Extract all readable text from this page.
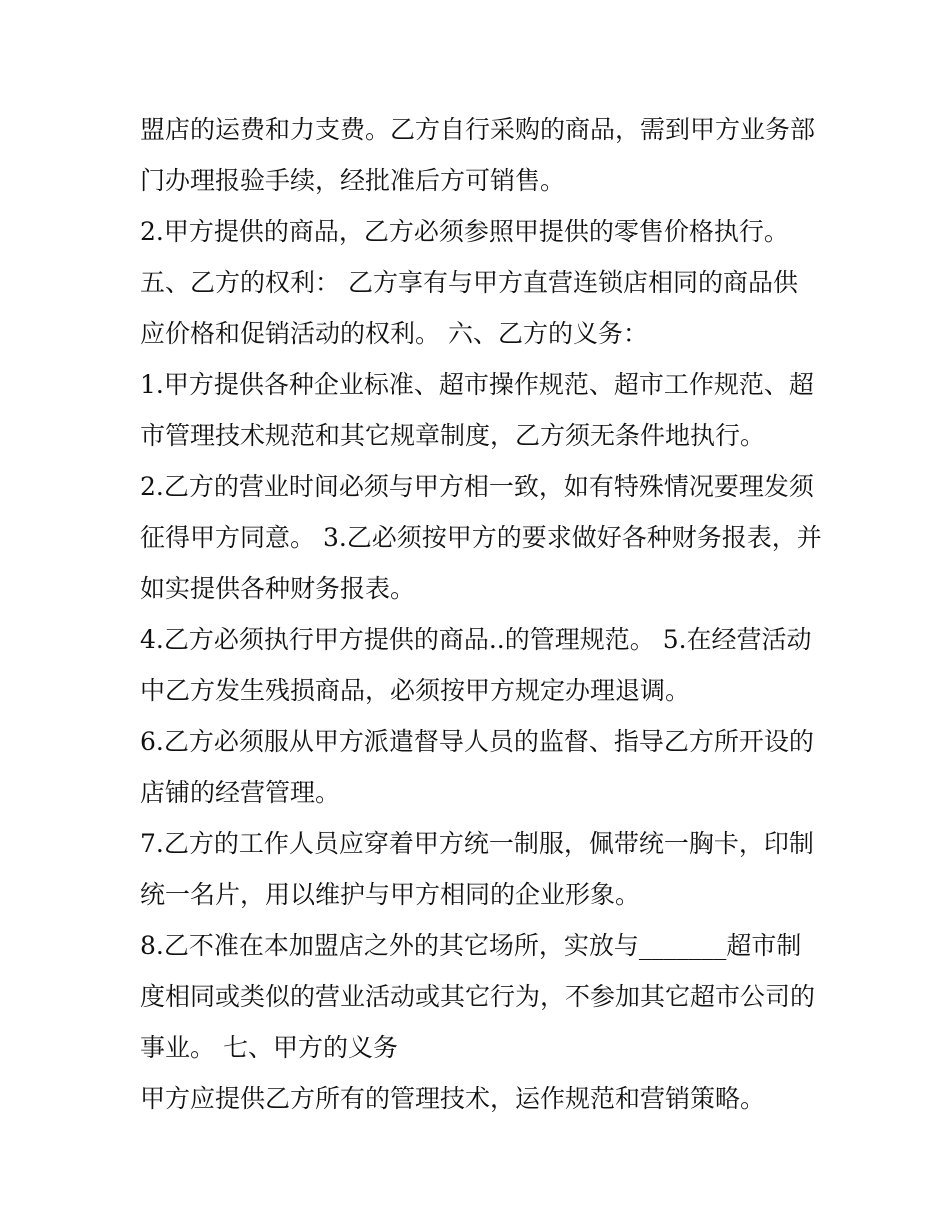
盟店的运费和力支费。乙方自行采购的商品，需到甲方业务部
门办理报验手续，经批准后方可销售。
2.甲方提供的商品，乙方必须参照甲提供的零售价格执行。
五、乙方的权利： 乙方享有与甲方直营连锁店相同的商品供
应价格和促销活动的权利。 六、乙方的义务：
1.甲方提供各种企业标准、超市操作规范、超市工作规范、超
市管理技术规范和其它规章制度，乙方须无条件地执行。
2.乙方的营业时间必须与甲方相一致，如有特殊情况要理发须
征得甲方同意。 3.乙必须按甲方的要求做好各种财务报表，并
如实提供各种财务报表。
4.乙方必须执行甲方提供的商品..的管理规范。 5.在经营活动
中乙方发生残损商品，必须按甲方规定办理退调。
6.乙方必须服从甲方派遣督导人员的监督、指导乙方所开设的
店铺的经营管理。
7.乙方的工作人员应穿着甲方统一制服，佩带统一胸卡，印制
统一名片，用以维护与甲方相同的企业形象。
8.乙不准在本加盟店之外的其它场所，实放与_______超市制
度相同或类似的营业活动或其它行为，不参加其它超市公司的
事业。 七、甲方的义务
甲方应提供乙方所有的管理技术，运作规范和营销策略。
